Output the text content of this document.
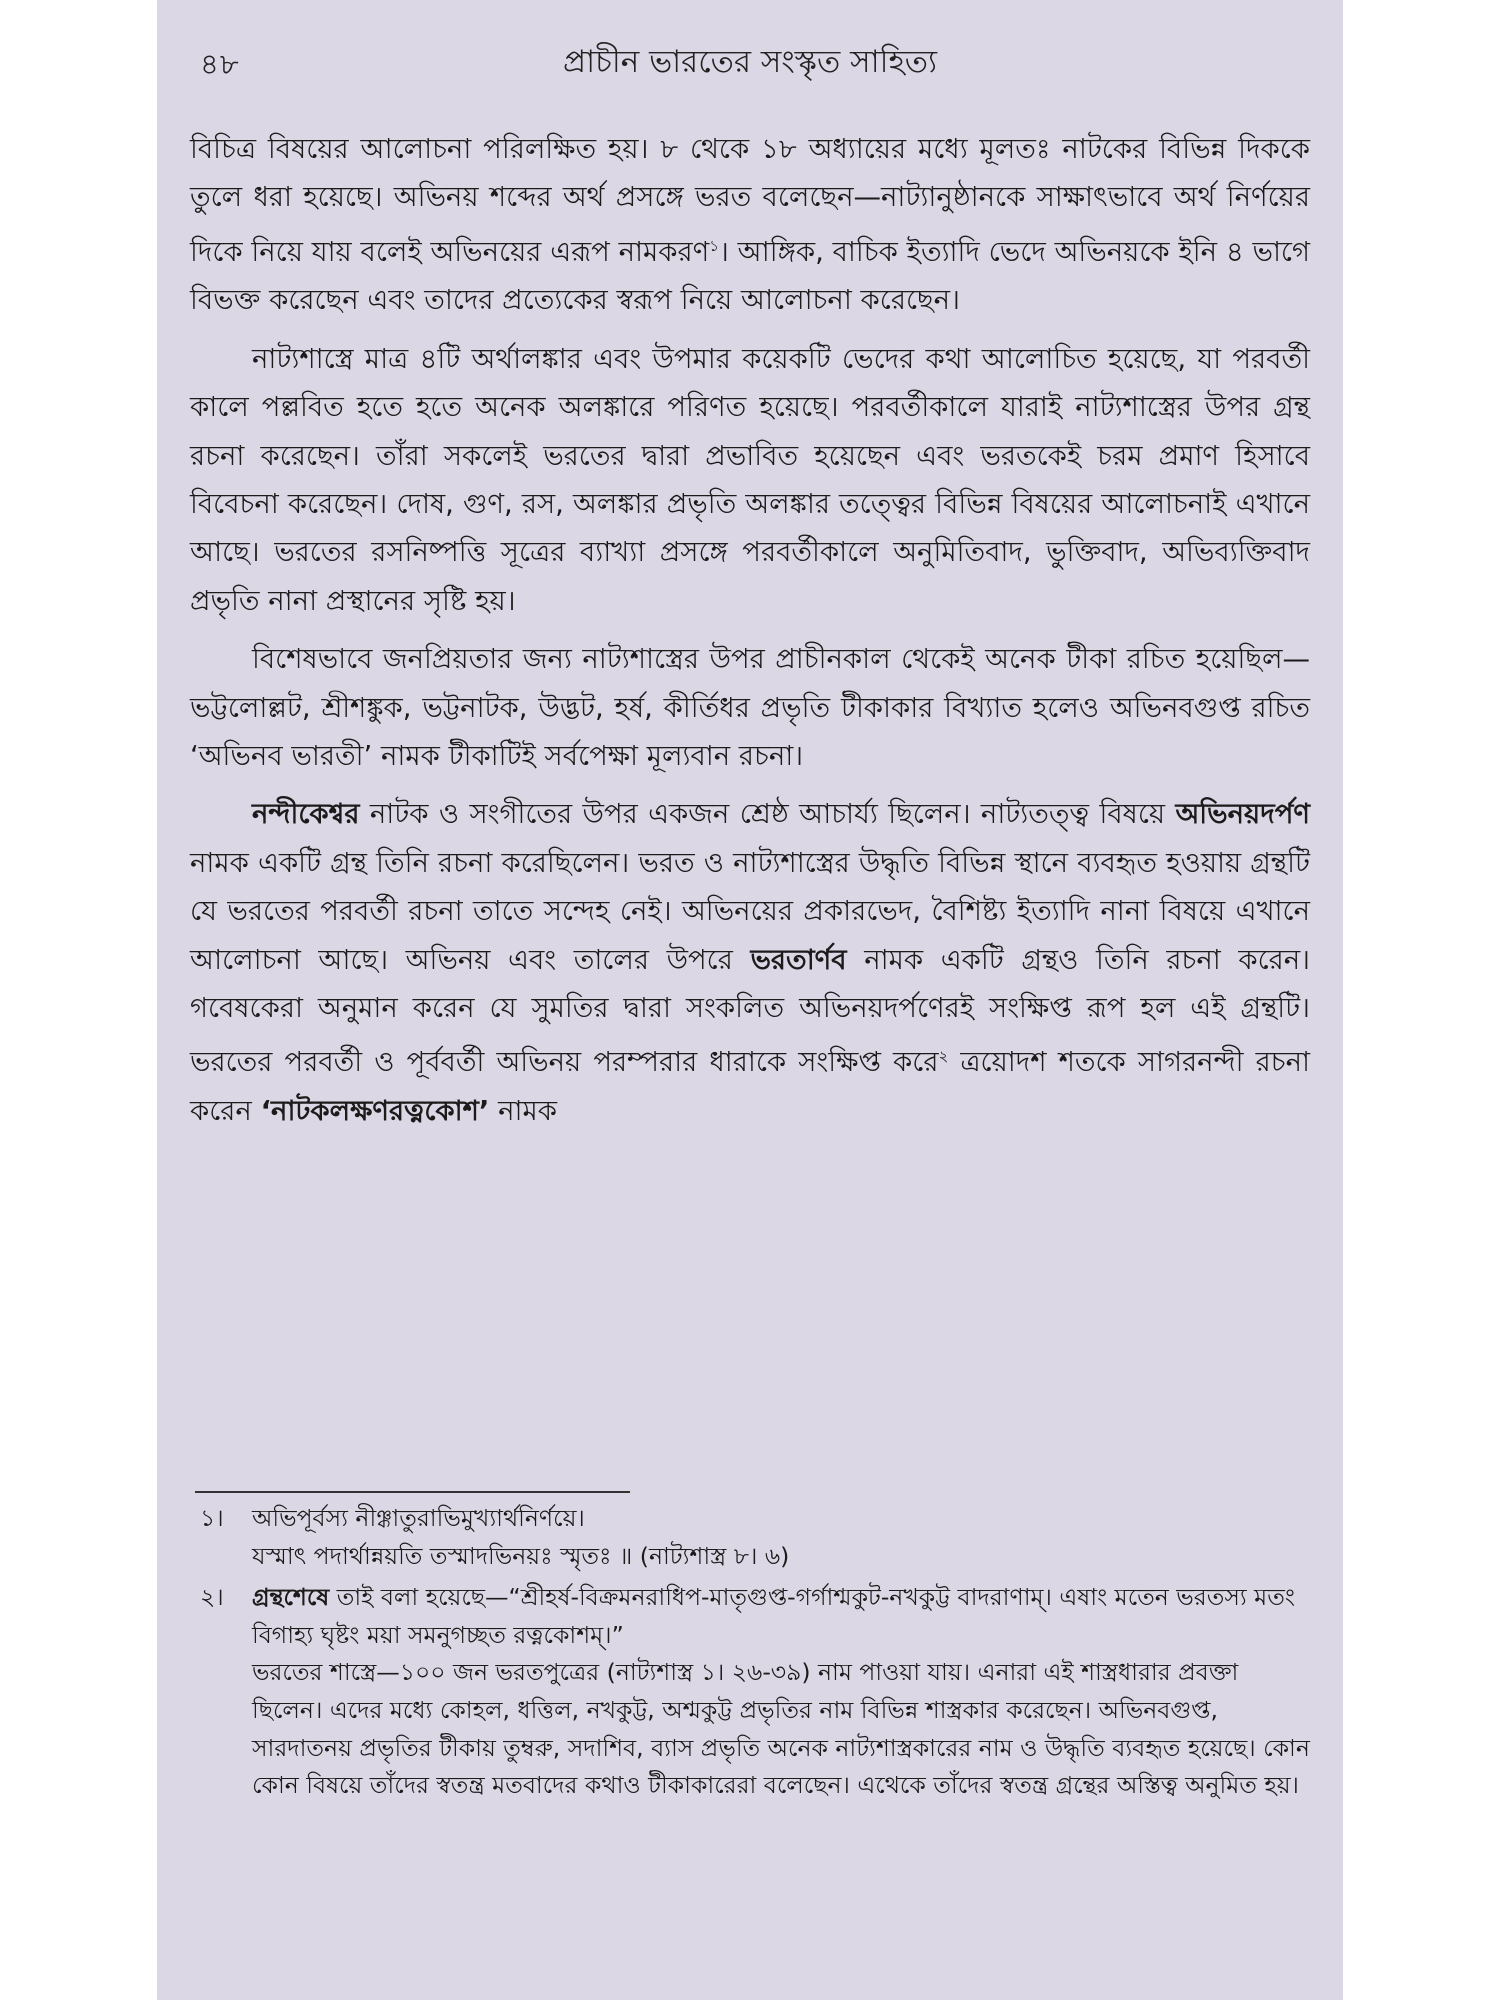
৪৮	প্রাচীন ভারতের সংস্কৃত সাহিত্য

বিচিত্র বিষয়ের আলোচনা পরিলক্ষিত হয়। ৮ থেকে ১৮ অধ্যায়ের মধ্যে মূলতঃ নাটকের বিভিন্ন দিককে তুলে ধরা হয়েছে। অভিনয় শব্দের অর্থ প্রসঙ্গে ভরত বলেছেন—নাট্যানুষ্ঠানকে সাক্ষাৎভাবে অর্থ নির্ণয়ের দিকে নিয়ে যায় বলেই অভিনয়ের এরূপ নামকরণ$^১$। আঙ্গিক, বাচিক ইত্যাদি ভেদে অভিনয়কে ইনি ৪ ভাগে বিভক্ত করেছেন এবং তাদের প্রত্যেকের স্বরূপ নিয়ে আলোচনা করেছেন।

নাট্যশাস্ত্রে মাত্র ৪টি অর্থালঙ্কার এবং উপমার কয়েকটি ভেদের কথা আলোচিত হয়েছে, যা পরবর্তী কালে পল্লবিত হতে হতে অনেক অলঙ্কারে পরিণত হয়েছে। পরবর্তীকালে যারাই নাট্যশাস্ত্রের উপর গ্রন্থ রচনা করেছেন। তাঁরা সকলেই ভরতের দ্বারা প্রভাবিত হয়েছেন এবং ভরতকেই চরম প্রমাণ হিসাবে বিবেচনা করেছেন। দোষ, গুণ, রস, অলঙ্কার প্রভৃতি অলঙ্কার তত্ত্বের বিভিন্ন বিষয়ের আলোচনাই এখানে আছে। ভরতের রসনিষ্পত্তি সূত্রের ব্যাখ্যা প্রসঙ্গে পরবর্তীকালে অনুমিতিবাদ, ভুক্তিবাদ, অভিব্যক্তিবাদ প্রভৃতি নানা প্রস্থানের সৃষ্টি হয়।

বিশেষভাবে জনপ্রিয়তার জন্য নাট্যশাস্ত্রের উপর প্রাচীনকাল থেকেই অনেক টীকা রচিত হয়েছিল—ভট্টলোল্লট, শ্রীশঙ্কুক, ভট্টনাটক, উদ্ভট, হর্ষ, কীর্তিধর প্রভৃতি টীকাকার বিখ্যাত হলেও অভিনবগুপ্ত রচিত ‘অভিনব ভারতী’ নামক টীকাটিই সর্বপেক্ষা মূল্যবান রচনা।

নন্দীকেশ্বর নাটক ও সংগীতের উপর একজন শ্রেষ্ঠ আচার্য্য ছিলেন। নাট্যতত্ত্ব বিষয়ে অভিনয়দর্পণ নামক একটি গ্রন্থ তিনি রচনা করেছিলেন। ভরত ও নাট্যশাস্ত্রের উদ্ধৃতি বিভিন্ন স্থানে ব্যবহৃত হওয়ায় গ্রন্থটি যে ভরতের পরবর্তী রচনা তাতে সন্দেহ নেই। অভিনয়ের প্রকারভেদ, বৈশিষ্ট্য ইত্যাদি নানা বিষয়ে এখানে আলোচনা আছে। অভিনয় এবং তালের উপরে ভরতার্ণব নামক একটি গ্রন্থও তিনি রচনা করেন। গবেষকেরা অনুমান করেন যে সুমতির দ্বারা সংকলিত অভিনয়দর্পণেরই সংক্ষিপ্ত রূপ হল এই গ্রন্থটি। ভরতের পরবর্তী ও পূর্ববর্তী অভিনয় পরম্পরার ধারাকে সংক্ষিপ্ত করে$^২$ ত্রয়োদশ শতকে সাগরনন্দী রচনা করেন ‘নাটকলক্ষণরত্নকোশ’ নামক

১।	অভিপূর্বস্য নীঞ্ধাতুরাভিমুখ্যার্থনির্ণয়ে।
যস্মাৎ পদার্থান্নয়তি তস্মাদভিনয়ঃ স্মৃতঃ ॥ (নাট্যশাস্ত্র ৮। ৬)
২।	গ্রন্থশেষে তাই বলা হয়েছে—“শ্রীহর্ষ-বিক্রমনরাধিপ-মাতৃগুপ্ত-গর্গাশ্মকুট-নখকুট্ট বাদরাণাম্। এষাং মতেন ভরতস্য মতং বিগাহ্য ঘৃষ্টং ময়া সমনুগচ্ছত রত্নকোশম্।”
ভরতের শাস্ত্রে—১০০ জন ভরতপুত্রের (নাট্যশাস্ত্র ১। ২৬-৩৯) নাম পাওয়া যায়। এনারা এই শাস্ত্রধারার প্রবক্তা ছিলেন। এদের মধ্যে কোহল, ধত্তিল, নখকুট্ট, অশ্মকুট্ট প্রভৃতির নাম বিভিন্ন শাস্ত্রকার করেছেন। অভিনবগুপ্ত, সারদাতনয় প্রভৃতির টীকায় তুম্বরু, সদাশিব, ব্যাস প্রভৃতি অনেক নাট্যশাস্ত্রকারের নাম ও উদ্ধৃতি ব্যবহৃত হয়েছে। কোন কোন বিষয়ে তাঁদের স্বতন্ত্র মতবাদের কথাও টীকাকারেরা বলেছেন। এথেকে তাঁদের স্বতন্ত্র গ্রন্থের অস্তিত্ব অনুমিত হয়।
